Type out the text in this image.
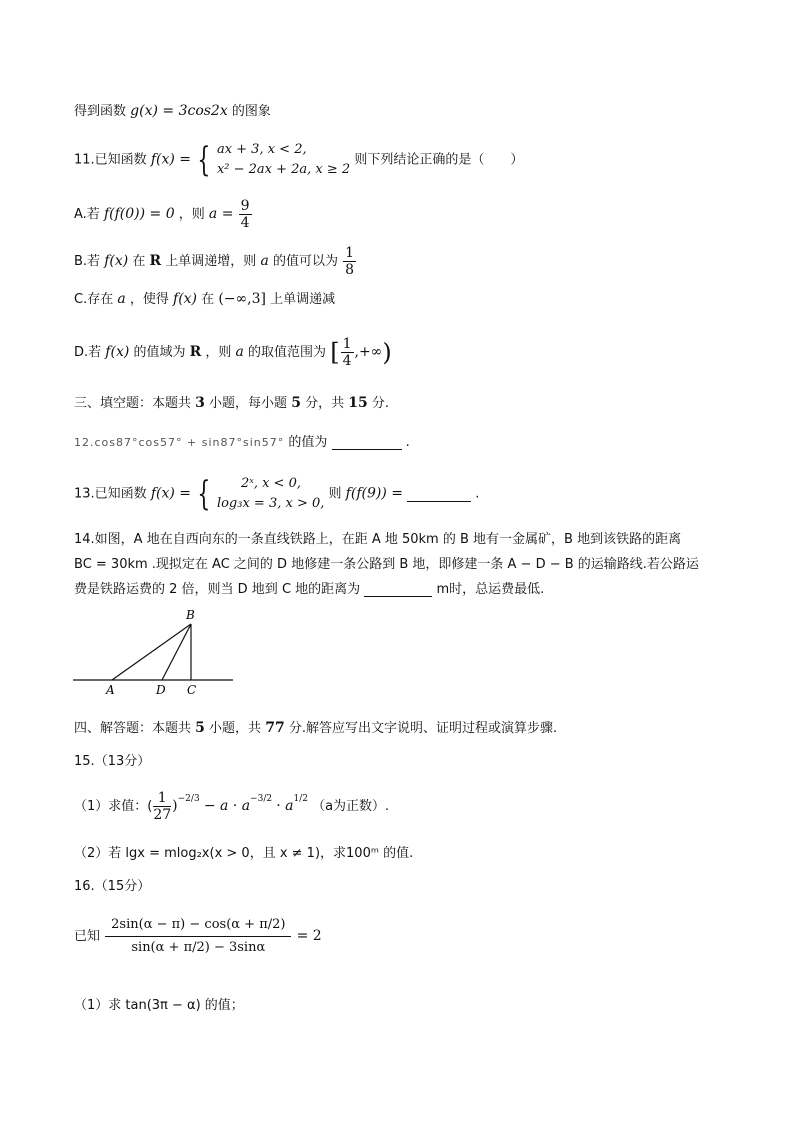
得到函数 g(x) = 3cos2x 的图象
11.已知函数 f(x) = { ax + 3, x < 2,
x² − 2ax + 2a, x ≥ 2 则下列结论正确的是（　　）
A.若 f(f(0)) = 0 ，则 $a = \frac{9}{4}$
B.若 f(x) 在 R 上单调递增，则 a 的值可以为 $\frac{1}{8}$
C.存在 a ，使得 f(x) 在 (−∞,3] 上单调递减
D.若 f(x) 的值域为 R ，则 a 的取值范围为 [ $\frac{1}{4}$ ,+∞)
三、填空题：本题共 3 小题，每小题 5 分，共 15 分.
12.cos87°cos57° + sin87°sin57° 的值为	.
13.已知函数 f(x) = { 2ˣ, x < 0,
log₃x = 3, x > 0, 则 f(f(9)) =	.
14.如图，A 地在自西向东的一条直线铁路上，在距 A 地 50km 的 B 地有一金属矿，B 地到该铁路的距离
BC = 30km .现拟定在 AC 之间的 D 地修建一条公路到 B 地，即修建一条 A − D − B 的运输路线.若公路运
费是铁路运费的 2 倍，则当 D 地到 C 地的距离为	m时，总运费最低.
B
A	D C
四、解答题：本题共 5 小题，共 77 分.解答应写出文字说明、证明过程或演算步骤.
15.（13分）
（1）求值：( $\frac{1}{27} )^{-2/3} - a \cdot a^{-3/2} \cdot a^{1/2}$ （a为正数）.
（2）若 lgx = mlog₂x(x > 0，且 x ≠ 1)，求100ᵐ 的值.
16.（15分）
已知 $\frac{2\sin(\alpha - \pi) - \cos(\alpha + \pi/2)}{\sin(\alpha + \pi/2) - 3\sin\alpha} = 2$
（1）求 tan(3π − α) 的值；
